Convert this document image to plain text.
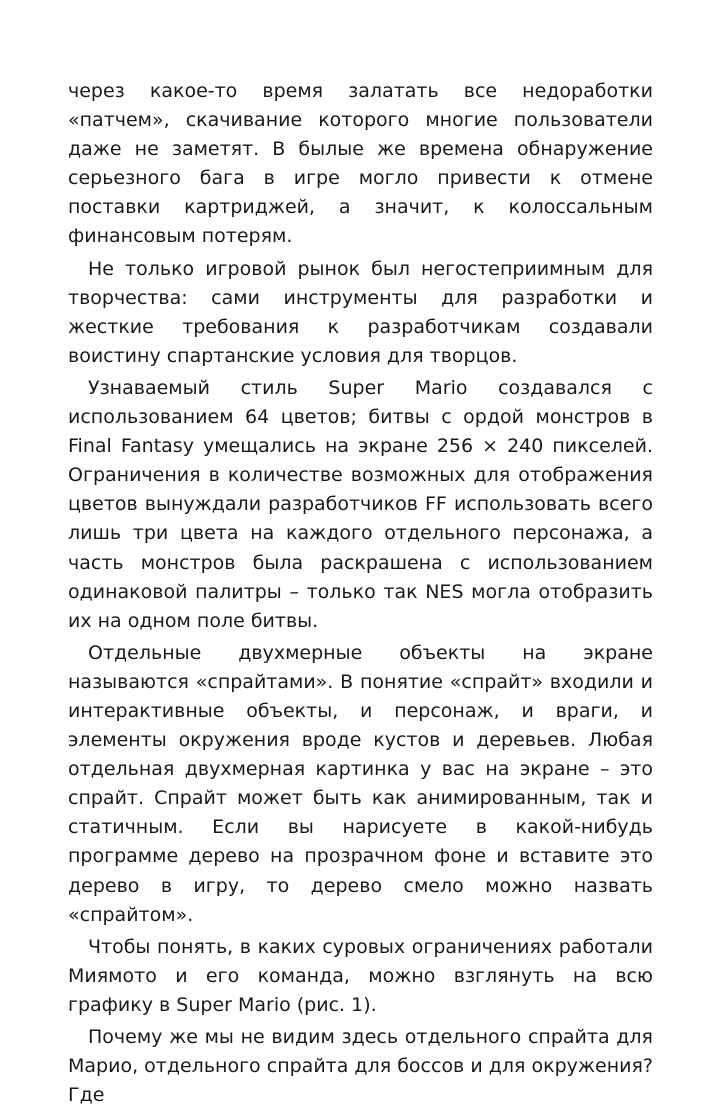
через какое-то время залатать все недоработки «патчем», скачивание которого многие пользователи даже не заметят. В былые же времена обнаружение серьезного бага в игре могло привести к отмене поставки картриджей, а значит, к колоссальным финансовым потерям.

Не только игровой рынок был негостеприимным для творчества: сами инструменты для разработки и жесткие требования к разработчикам создавали воистину спартанские условия для творцов.

Узнаваемый стиль Super Mario создавался с использованием 64 цветов; битвы с ордой монстров в Final Fantasy умещались на экране 256 × 240 пикселей. Ограничения в количестве возможных для отображения цветов вынуждали разработчиков FF использовать всего лишь три цвета на каждого отдельного персонажа, а часть монстров была раскрашена с использованием одинаковой палитры – только так NES могла отобразить их на одном поле битвы.

Отдельные двухмерные объекты на экране называются «спрайтами». В понятие «спрайт» входили и интерактивные объекты, и персонаж, и враги, и элементы окружения вроде кустов и деревьев. Любая отдельная двухмерная картинка у вас на экране – это спрайт. Спрайт может быть как анимированным, так и статичным. Если вы нарисуете в какой-нибудь программе дерево на прозрачном фоне и вставите это дерево в игру, то дерево смело можно назвать «спрайтом».

Чтобы понять, в каких суровых ограничениях работали Миямото и его команда, можно взглянуть на всю графику в Super Mario (рис. 1).

Почему же мы не видим здесь отдельного спрайта для Марио, отдельного спрайта для боссов и для окружения? Где
